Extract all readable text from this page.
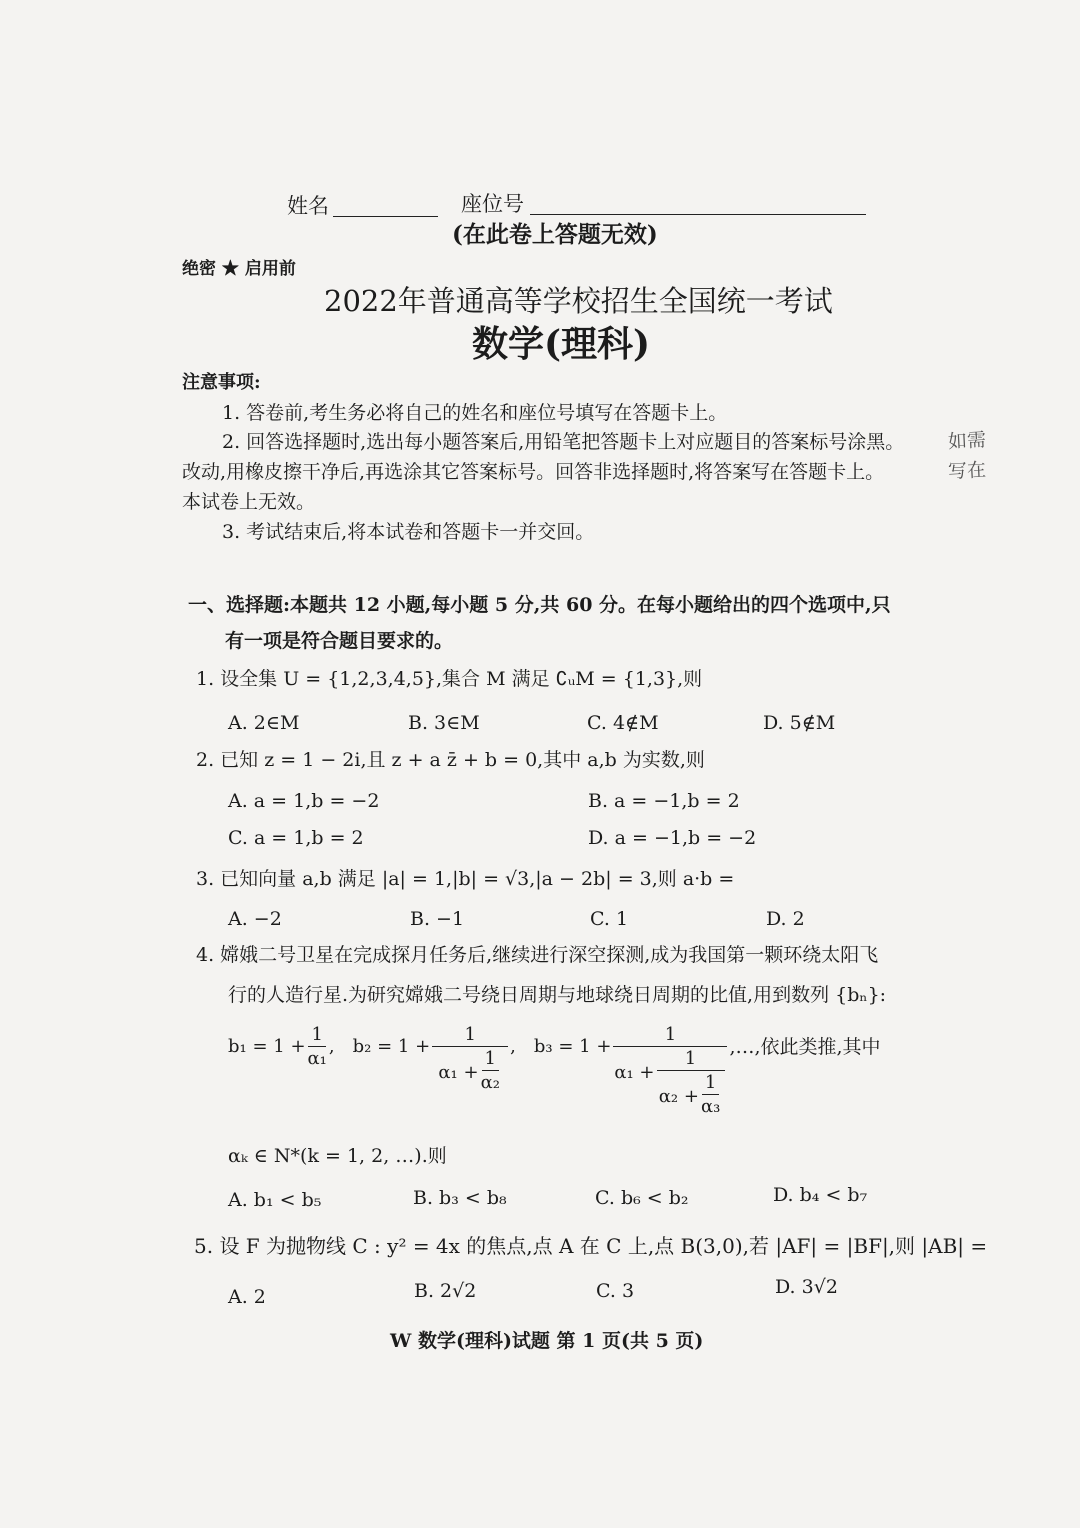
姓名	座位号
(在此卷上答题无效)
绝密 ★ 启用前
2022年普通高等学校招生全国统一考试
数学(理科)
注意事项:
1. 答卷前,考生务必将自己的姓名和座位号填写在答题卡上。
2. 回答选择题时,选出每小题答案后,用铅笔把答题卡上对应题目的答案标号涂黑。
改动,用橡皮擦干净后,再选涂其它答案标号。回答非选择题时,将答案写在答题卡上。
本试卷上无效。
3. 考试结束后,将本试卷和答题卡一并交回。
如需
写在
一、选择题:本题共 12 小题,每小题 5 分,共 60 分。在每小题给出的四个选项中,只
有一项是符合题目要求的。
1. 设全集 U = {1,2,3,4,5},集合 M 满足 ∁ᵤM = {1,3},则
A. 2∈M	B. 3∈M	C. 4∉M	D. 5∉M
2. 已知 z = 1 − 2i,且 z + a z̄ + b = 0,其中 a,b 为实数,则
A. a = 1,b = −2	B. a = −1,b = 2
C. a = 1,b = 2	D. a = −1,b = −2
3. 已知向量 a,b 满足 |a| = 1,|b| = √3,|a − 2b| = 3,则 a·b =
A. −2	B. −1	C. 1	D. 2
4. 嫦娥二号卫星在完成探月任务后,继续进行深空探测,成为我国第一颗环绕太阳飞
行的人造行星.为研究嫦娥二号绕日周期与地球绕日周期的比值,用到数列 {bₙ}:
$b_1 = 1 + \frac{1}{\text{α₁}}$ , $b_2 = 1 + \frac{1}{\alpha_1 + \frac{1}{\text{α₂}}}$ , b₃ = 1 +
1
$\alpha_1 + \frac{1}{\alpha_2 + \frac{1}{\text{α₃}}}$
,…,依此类推,其中
αₖ ∈ N*(k = 1, 2, …).则
A. b₁ < b₅	B. b₃ < b₈	C. b₆ < b₂	D. b₄ < b₇
5. 设 F 为抛物线 C : y² = 4x 的焦点,点 A 在 C 上,点 B(3,0),若 |AF| = |BF|,则 |AB| =
A. 2	B. 2√2	C. 3	D. 3√2
W 数学(理科)试题 第 1 页(共 5 页)
